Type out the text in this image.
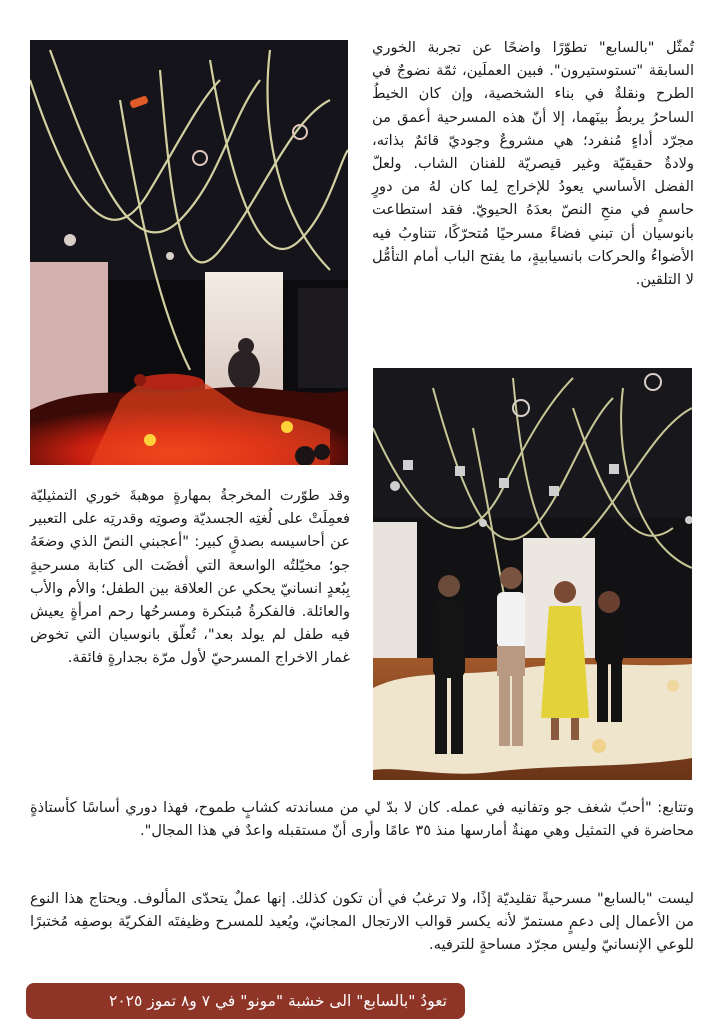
تُمثّل "بالسابع" تطوّرًا واضحًا عن تجربة الخوري السابقة "تستوستيرون". فبين العملَين، ثمّة نضوجٌ في الطرح ونقلةٌ في بناء الشخصية، وإن كان الخيطُ الساحرُ يربطُ بينَهما، إلا أنّ هذه المسرحية أعمق من مجرّد أداءٍ مُنفرد؛ هي مشروعٌ وجوديّ قائمٌ بذاته، ولادةٌ حقيقيّة وغير قيصريّة للفنان الشاب. ولعلّ الفضل الأساسي يعودُ للإخراج لِما كان لهُ من دورٍ حاسمٍ في منحِ النصّ بعدَهُ الحيويّ. فقد استطاعت بانوسيان أن تبني فضاءً مسرحيًا مُتحرّكًا، تتناوبُ فيه الأضواءُ والحركات بانسيابيةٍ، ما يفتح الباب أمام التأمُّل لا التلقين.
وقد طوّرت المخرجةُ بمهارةٍ موهبةَ خوري التمثيليّة فعمِلَتْ على لُغتِه الجسديّة وصوتِه وقدرتِه على التعبير عن أحاسيسه بصدقٍ كبير: "أعجبني النصّ الذي وضعَهُ جو؛ مخيّلتُه الواسعة التي أفضَت الى كتابة مسرحيةٍ بِبُعدٍ انسانيّ يحكي عن العلاقة بين الطفل؛ والأم والأب والعائلة. فالفكرةُ مُبتكرة ومسرحُها رحم امرأةٍ يعيش فيه طفل لم يولد بعد"، تُعلّق بانوسيان التي تخوض غمار الاخراج المسرحيّ لأول مرّة بجدارةٍ فائقة.
وتتابع: "أحبّ شغف جو وتفانيه في عمله. كان لا بدّ لي من مساندته كشابٍ طموح، فهذا دوري أساسًا كأستاذةٍ محاضرة في التمثيل وهي مهنةٌ أمارسها منذ ٣٥ عامًا وأرى أنّ مستقبله واعدٌ في هذا المجال".
ليست "بالسابع" مسرحيةً تقليديّة إذًا، ولا ترغبُ في أن تكون كذلك. إنها عملٌ يتحدّى المألوف. ويحتاج هذا النوع من الأعمال إلى دعمٍ مستمرّ لأنه يكسر قوالب الارتجال المجانيّ، ويُعيد للمسرح وظيفتَه الفكريّة بوصفِه مُختبرًا للوعي الإنسانيّ وليس مجرّد مساحةٍ للترفيه.
تعودُ "بالسابع" الى خشبة "مونو" في ٧ و٨ تموز ٢٠٢٥
